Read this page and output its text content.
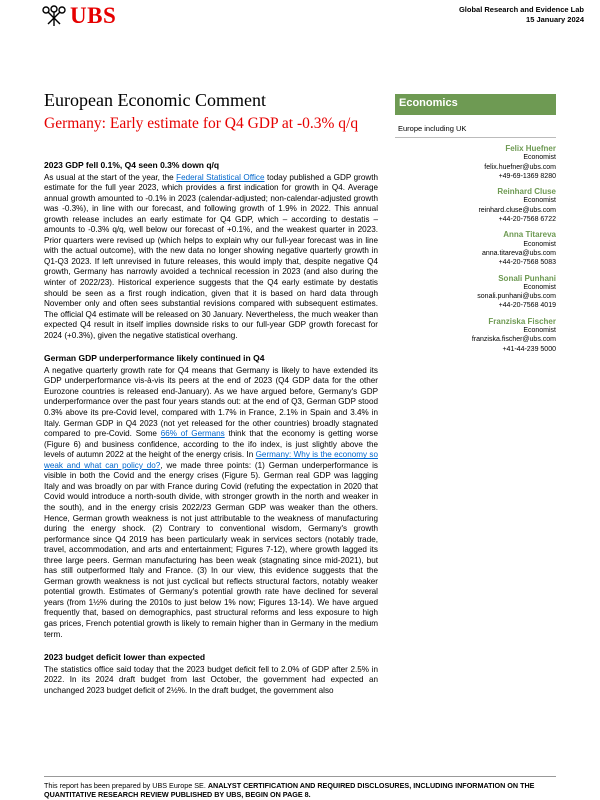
UBS	Global Research and Evidence Lab
15 January 2024
European Economic Comment
Germany: Early estimate for Q4 GDP at -0.3% q/q
Economics
Europe including UK
Felix Huefner
Economist
felix.huefner@ubs.com
+49-69-1369 8280
Reinhard Cluse
Economist
reinhard.cluse@ubs.com
+44-20-7568 6722
Anna Titareva
Economist
anna.titareva@ubs.com
+44-20-7568 5083
Sonali Punhani
Economist
sonali.punhani@ubs.com
+44-20-7568 4019
Franziska Fischer
Economist
franziska.fischer@ubs.com
+41-44-239 5000
2023 GDP fell 0.1%, Q4 seen 0.3% down q/q
As usual at the start of the year, the Federal Statistical Office today published a GDP growth estimate for the full year 2023, which provides a first indication for growth in Q4. Average annual growth amounted to -0.1% in 2023 (calendar-adjusted; non-calendar-adjusted growth was -0.3%), in line with our forecast, and following growth of 1.9% in 2022. This annual growth release includes an early estimate for Q4 GDP, which – according to destatis – amounts to -0.3% q/q, well below our forecast of +0.1%, and the weakest quarter in 2023. Prior quarters were revised up (which helps to explain why our full-year forecast was in line with the actual outcome), with the new data no longer showing negative quarterly growth in Q1-Q3 2023. If left unrevised in future releases, this would imply that, despite negative Q4 growth, Germany has narrowly avoided a technical recession in 2023 (and also during the winter of 2022/23). Historical experience suggests that the Q4 early estimate by destatis should be seen as a first rough indication, given that it is based on hard data through November only and often sees substantial revisions compared with subsequent estimates. The official Q4 estimate will be released on 30 January. Nevertheless, the much weaker than expected Q4 result in itself implies downside risks to our full-year GDP growth forecast for 2024 (+0.3%), given the negative statistical overhang.
German GDP underperformance likely continued in Q4
A negative quarterly growth rate for Q4 means that Germany is likely to have extended its GDP underperformance vis-à-vis its peers at the end of 2023 (Q4 GDP data for the other Eurozone countries is released end-January). As we have argued before, Germany's GDP underperformance over the past four years stands out: at the end of Q3, German GDP stood 0.3% above its pre-Covid level, compared with 1.7% in France, 2.1% in Spain and 3.4% in Italy. German GDP in Q4 2023 (not yet released for the other countries) broadly stagnated compared to pre-Covid. Some 66% of Germans think that the economy is getting worse (Figure 6) and business confidence, according to the ifo index, is just slightly above the levels of autumn 2022 at the height of the energy crisis. In Germany: Why is the economy so weak and what can policy do?, we made three points: (1) German underperformance is visible in both the Covid and the energy crises (Figure 5). German real GDP was lagging Italy and was broadly on par with France during Covid (refuting the expectation in 2020 that Covid would introduce a north-south divide, with stronger growth in the north and weaker in the south), and in the energy crisis 2022/23 German GDP was weaker than the others. Hence, German growth weakness is not just attributable to the weakness of manufacturing during the energy shock. (2) Contrary to conventional wisdom, Germany's growth performance since Q4 2019 has been particularly weak in services sectors (notably trade, travel, accommodation, and arts and entertainment; Figures 7-12), where growth lagged its three large peers. German manufacturing has been weak (stagnating since mid-2021), but has still outperformed Italy and France. (3) In our view, this evidence suggests that the German growth weakness is not just cyclical but reflects structural factors, notably weaker potential growth. Estimates of Germany's potential growth rate have declined for several years (from 1½% during the 2010s to just below 1% now; Figures 13-14). We have argued frequently that, based on demographics, past structural reforms and less exposure to high gas prices, French potential growth is likely to remain higher than in Germany in the medium term.
2023 budget deficit lower than expected
The statistics office said today that the 2023 budget deficit fell to 2.0% of GDP after 2.5% in 2022. In its 2024 draft budget from last October, the government had expected an unchanged 2023 budget deficit of 2½%. In the draft budget, the government also
This report has been prepared by UBS Europe SE. ANALYST CERTIFICATION AND REQUIRED DISCLOSURES, INCLUDING INFORMATION ON THE QUANTITATIVE RESEARCH REVIEW PUBLISHED BY UBS, BEGIN ON PAGE 8.
